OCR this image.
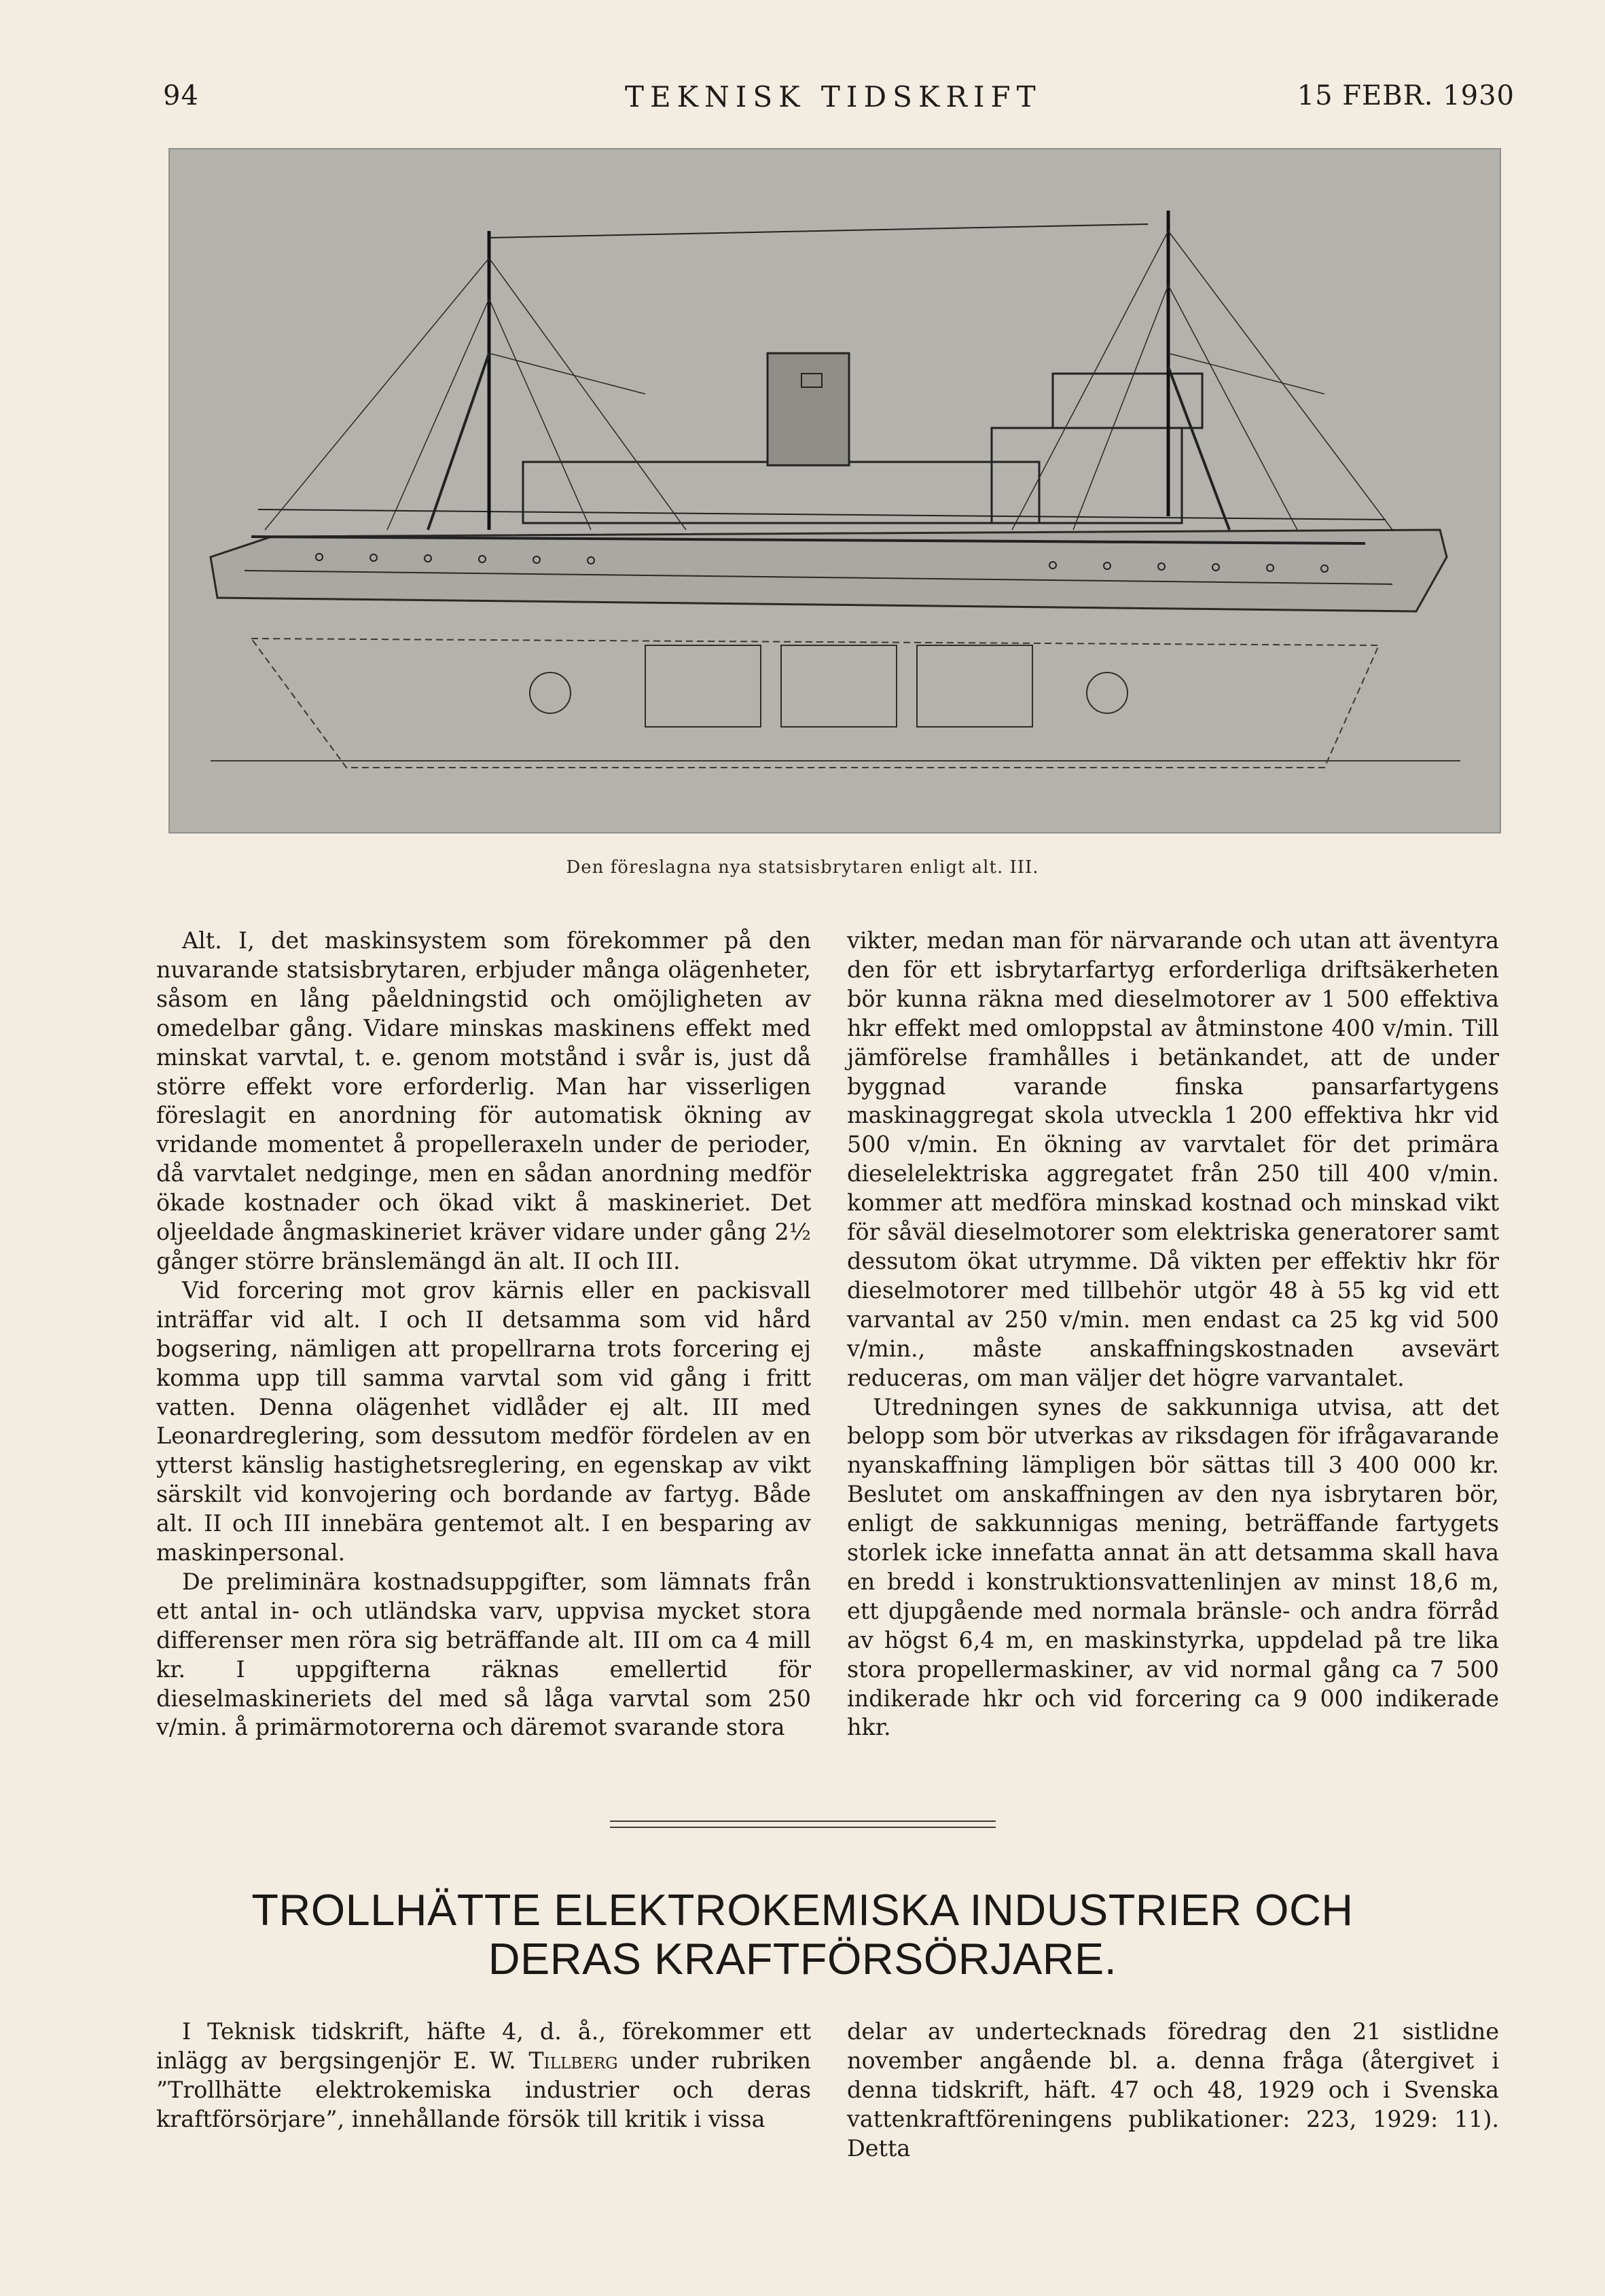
94	TEKNISK TIDSKRIFT	15 FEBR. 1930
Den föreslagna nya statsisbrytaren enligt alt. III.

Alt. I, det maskinsystem som förekommer på den nuvarande statsisbrytaren, erbjuder många olägenheter, såsom en lång påeldningstid och omöjligheten av omedelbar gång. Vidare minskas maskinens effekt med minskat varvtal, t. e. genom motstånd i svår is, just då större effekt vore erforderlig. Man har visserligen föreslagit en anordning för automatisk ökning av vridande momentet å propelleraxeln under de perioder, då varvtalet nedginge, men en sådan anordning medför ökade kostnader och ökad vikt å maskineriet. Det oljeeldade ångmaskineriet kräver vidare under gång 2½ gånger större bränslemängd än alt. II och III.

Vid forcering mot grov kärnis eller en packisvall inträffar vid alt. I och II detsamma som vid hård bogsering, nämligen att propellrarna trots forcering ej komma upp till samma varvtal som vid gång i fritt vatten. Denna olägenhet vidlåder ej alt. III med Leonardreglering, som dessutom medför fördelen av en ytterst känslig hastighetsreglering, en egenskap av vikt särskilt vid konvojering och bordande av fartyg. Både alt. II och III innebära gentemot alt. I en besparing av maskinpersonal.

De preliminära kostnadsuppgifter, som lämnats från ett antal in- och utländska varv, uppvisa mycket stora differenser men röra sig beträffande alt. III om ca 4 mill kr. I uppgifterna räknas emellertid för dieselmaskineriets del med så låga varvtal som 250 v/min. å primärmotorerna och däremot svarande stora

vikter, medan man för närvarande och utan att äventyra den för ett isbrytarfartyg erforderliga driftsäkerheten bör kunna räkna med dieselmotorer av 1 500 effektiva hkr effekt med omloppstal av åtminstone 400 v/min. Till jämförelse framhålles i betänkandet, att de under byggnad varande finska pansarfartygens maskinaggregat skola utveckla 1 200 effektiva hkr vid 500 v/min. En ökning av varvtalet för det primära dieselelektriska aggregatet från 250 till 400 v/min. kommer att medföra minskad kostnad och minskad vikt för såväl dieselmotorer som elektriska generatorer samt dessutom ökat utrymme. Då vikten per effektiv hkr för dieselmotorer med tillbehör utgör 48 à 55 kg vid ett varvantal av 250 v/min. men endast ca 25 kg vid 500 v/min., måste anskaffningskostnaden avsevärt reduceras, om man väljer det högre varvantalet.

Utredningen synes de sakkunniga utvisa, att det belopp som bör utverkas av riksdagen för ifrågavarande nyanskaffning lämpligen bör sättas till 3 400 000 kr. Beslutet om anskaffningen av den nya isbrytaren bör, enligt de sakkunnigas mening, beträffande fartygets storlek icke innefatta annat än att detsamma skall hava en bredd i konstruktionsvattenlinjen av minst 18,6 m, ett djupgående med normala bränsle- och andra förråd av högst 6,4 m, en maskinstyrka, uppdelad på tre lika stora propellermaskiner, av vid normal gång ca 7 500 indikerade hkr och vid forcering ca 9 000 indikerade hkr.

TROLLHÄTTE ELEKTROKEMISKA INDUSTRIER OCH
DERAS KRAFTFÖRSÖRJARE.

I Teknisk tidskrift, häfte 4, d. å., förekommer ett inlägg av bergsingenjör E. W. Tillberg under rubriken ”Trollhätte elektrokemiska industrier och deras kraftförsörjare”, innehållande försök till kritik i vissa

delar av undertecknads föredrag den 21 sistlidne november angående bl. a. denna fråga (återgivet i denna tidskrift, häft. 47 och 48, 1929 och i Svenska vattenkraftföreningens publikationer: 223, 1929: 11). Detta
